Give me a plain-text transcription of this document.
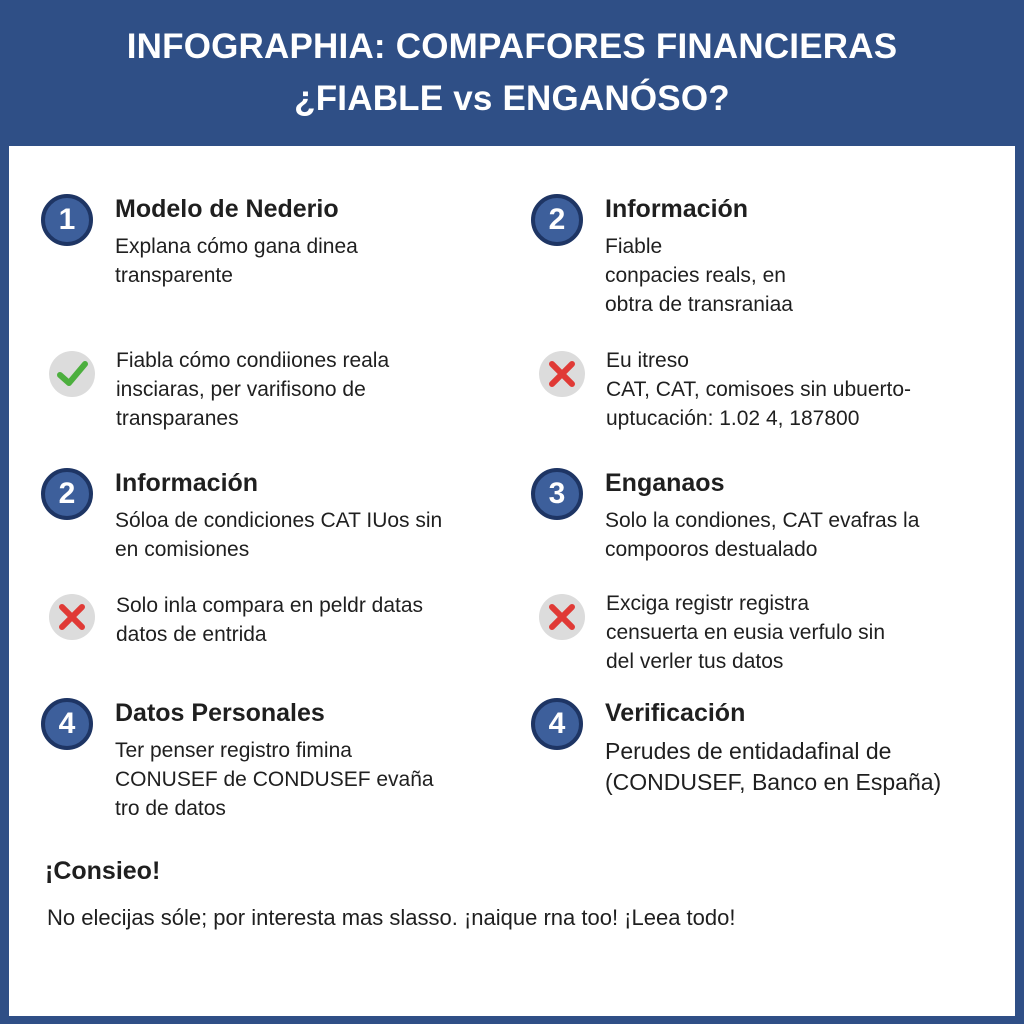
INFOGRAPHIA: COMPAFORES FINANCIERAS
¿FIABLE vs ENGANÓSO?
1	Modelo de Nederio
Explana cómo gana dinea
transparente
2	Información
Fiable
conpacies reals, en
obtra de transraniaa
Fiabla cómo condiiones reala
insciaras, per varifisono de
transparanes
Eu itreso
CAT, CAT, comisoes sin ubuerto-
uptucación: 1.02 4, 187800
2	Información
Sóloa de condiciones CAT IUos sin
en comisiones
3	Enganaos
Solo la condiones, CAT evafras la
compooros destualado
Solo inla compara en peldr datas
datos de entrida
Exciga registr registra
censuerta en eusia verfulo sin
del verler tus datos
4	Datos Personales
Ter penser registro fimina
CONUSEF de CONDUSEF evaña
tro de datos
4	Verificación
Perudes de entidadafinal de
(CONDUSEF, Banco en España)
¡Consieo!
No elecijas sóle; por interesta mas slasso. ¡naique rna too! ¡Leea todo!
